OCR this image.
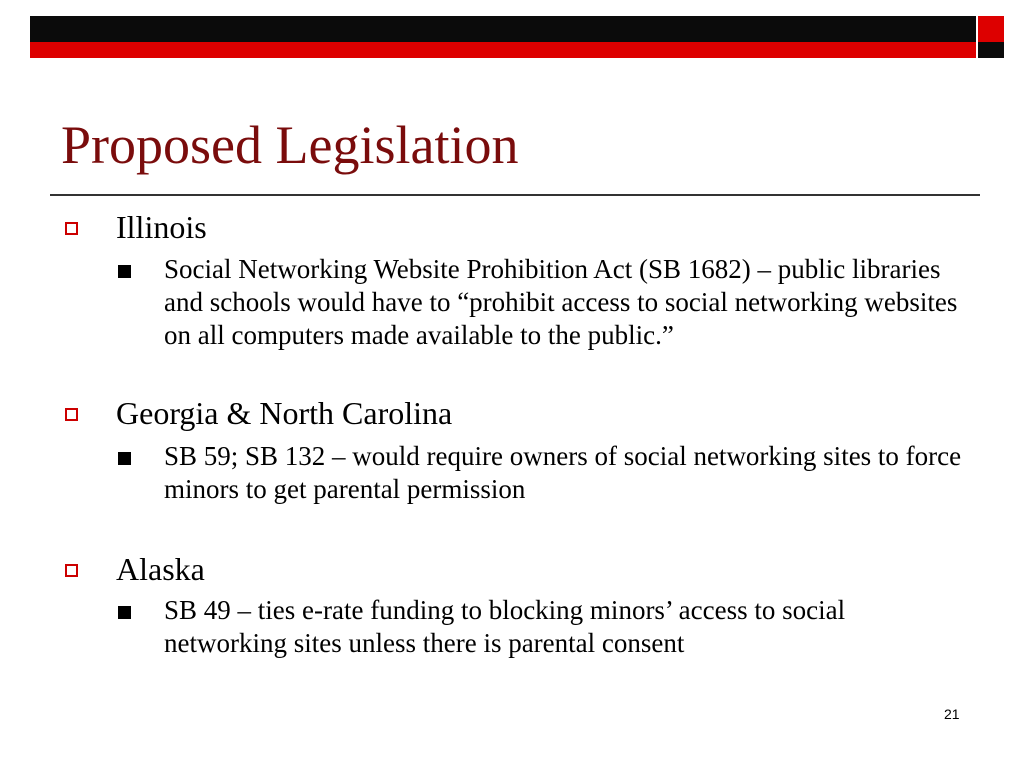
Proposed Legislation
Illinois
Social Networking Website Prohibition Act (SB 1682) – public libraries and schools would have to “prohibit access to social networking websites on all computers made available to the public.”
Georgia & North Carolina
SB 59; SB 132 – would require owners of social networking sites to force minors to get parental permission
Alaska
SB 49 – ties e-rate funding to blocking minors’ access to social networking sites unless there is parental consent
21
